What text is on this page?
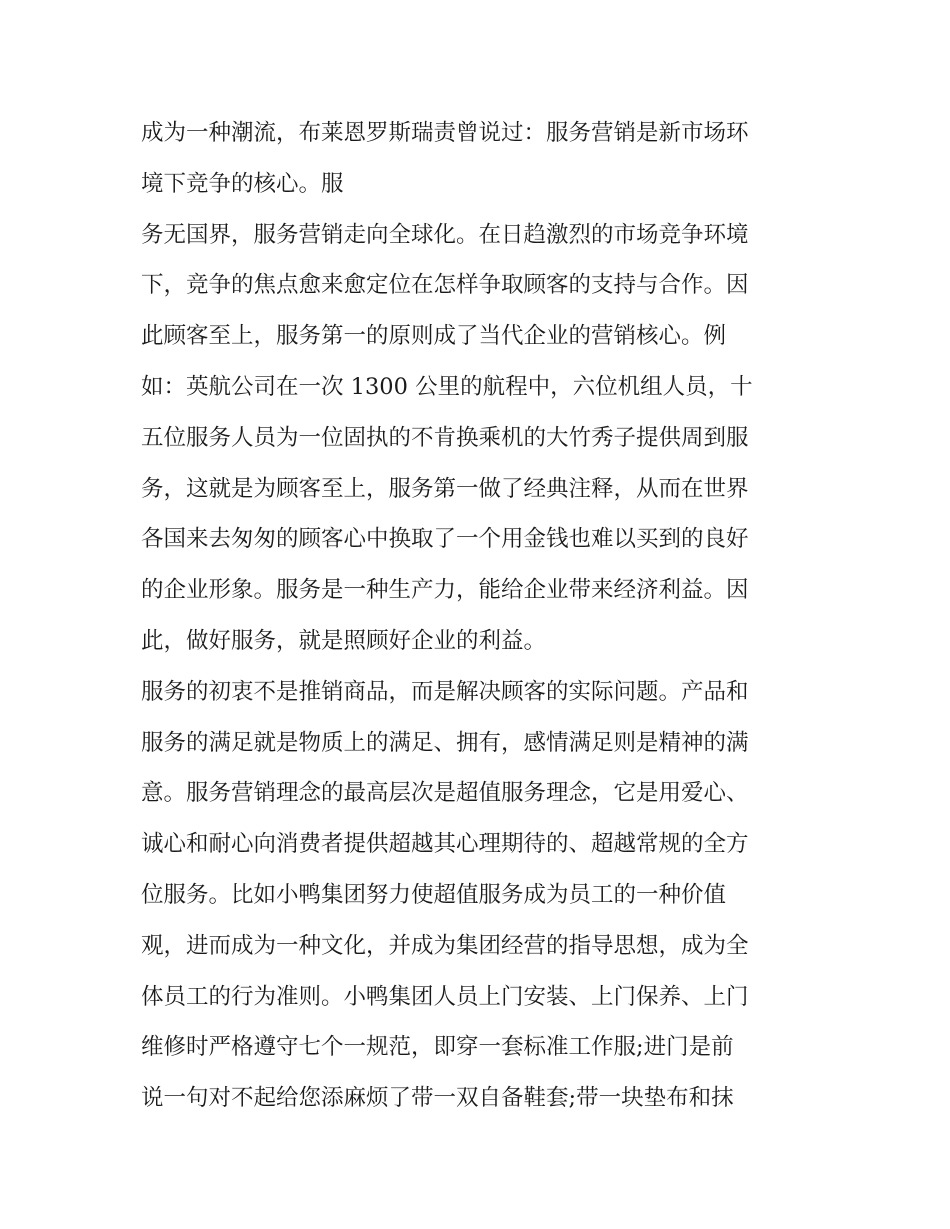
成为一种潮流，布莱恩罗斯瑞责曾说过：服务营销是新市场环
境下竞争的核心。服
务无国界，服务营销走向全球化。在日趋激烈的市场竞争环境
下，竞争的焦点愈来愈定位在怎样争取顾客的支持与合作。因
此顾客至上，服务第一的原则成了当代企业的营销核心。例
如：英航公司在一次 1300 公里的航程中，六位机组人员，十
五位服务人员为一位固执的不肯换乘机的大竹秀子提供周到服
务，这就是为顾客至上，服务第一做了经典注释，从而在世界
各国来去匆匆的顾客心中换取了一个用金钱也难以买到的良好
的企业形象。服务是一种生产力，能给企业带来经济利益。因
此，做好服务，就是照顾好企业的利益。
服务的初衷不是推销商品，而是解决顾客的实际问题。产品和
服务的满足就是物质上的满足、拥有，感情满足则是精神的满
意。服务营销理念的最高层次是超值服务理念，它是用爱心、
诚心和耐心向消费者提供超越其心理期待的、超越常规的全方
位服务。比如小鸭集团努力使超值服务成为员工的一种价值
观，进而成为一种文化，并成为集团经营的指导思想，成为全
体员工的行为准则。小鸭集团人员上门安装、上门保养、上门
维修时严格遵守七个一规范，即穿一套标准工作服;进门是前
说一句对不起给您添麻烦了带一双自备鞋套;带一块垫布和抹
